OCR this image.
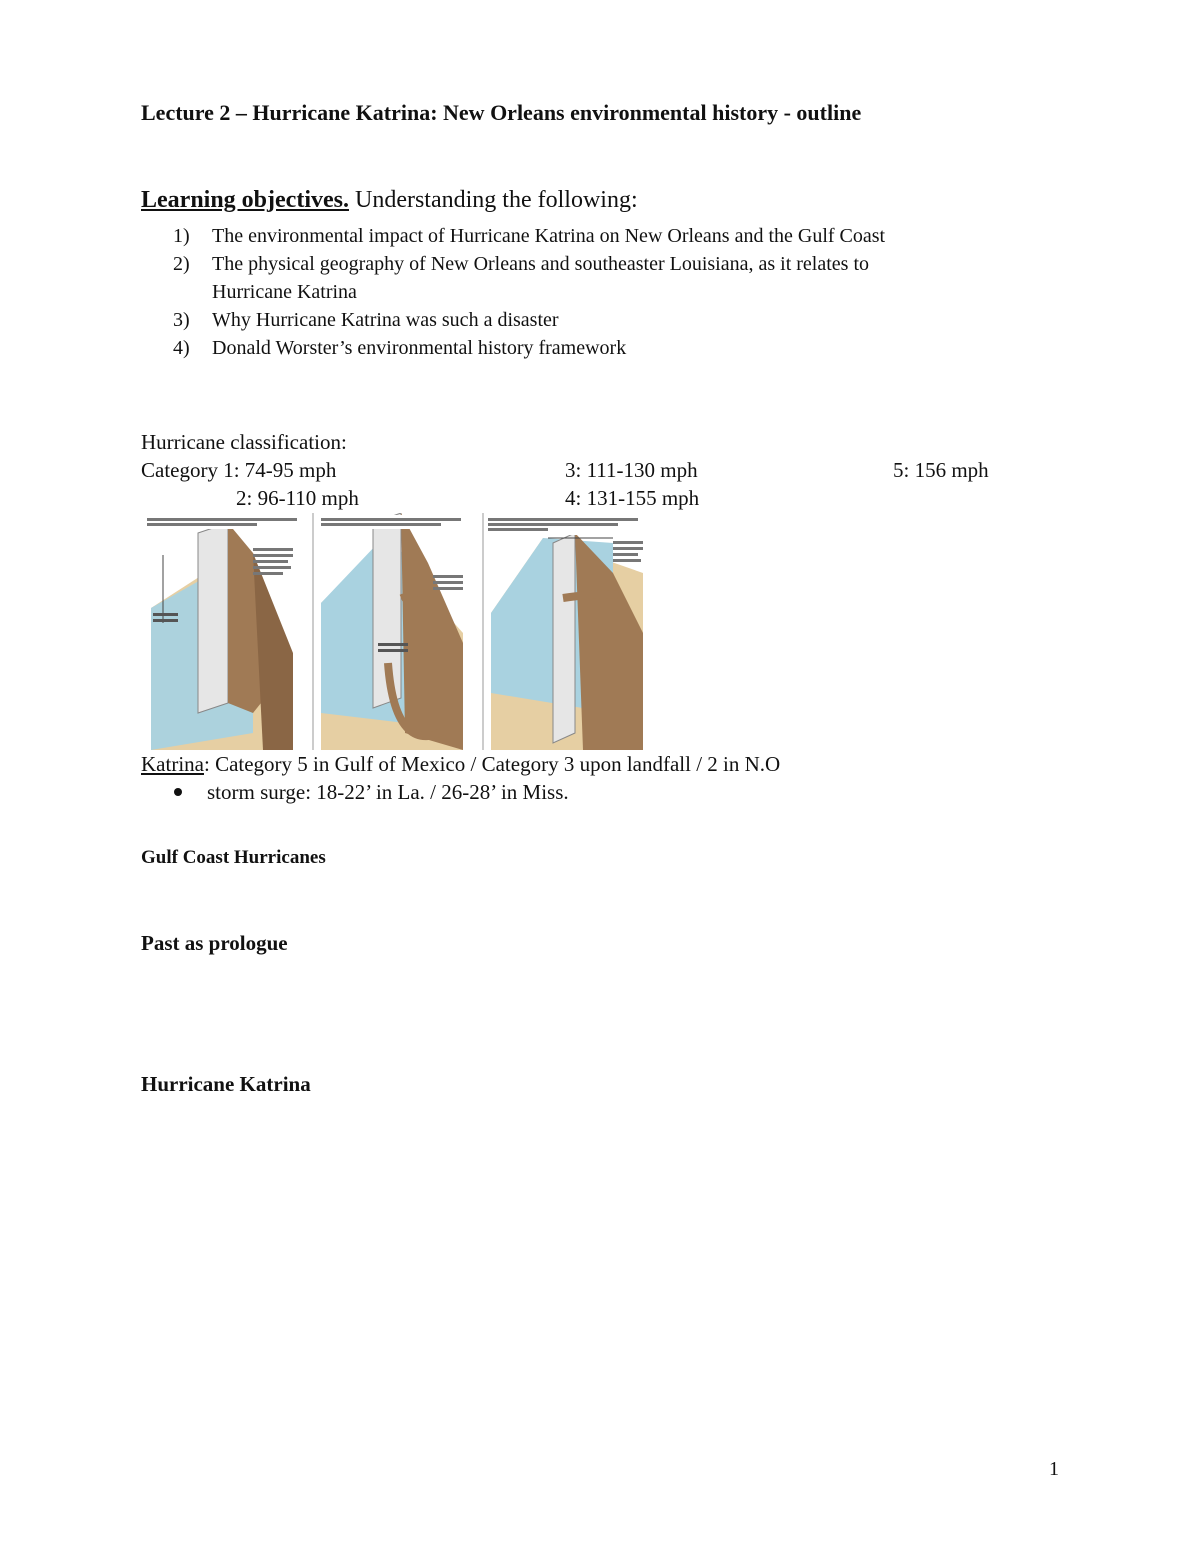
Lecture 2 – Hurricane Katrina: New Orleans environmental history - outline
Learning objectives. Understanding the following:
1) The environmental impact of Hurricane Katrina on New Orleans and the Gulf Coast
2) The physical geography of New Orleans and southeaster Louisiana, as it relates to
Hurricane Katrina
3) Why Hurricane Katrina was such a disaster
4) Donald Worster’s environmental history framework
Hurricane classification:
Category 1: 74-95 mph	3: 111-130 mph	5: 156 mph
2: 96-110 mph	4: 131-155 mph
Katrina: Category 5 in Gulf of Mexico / Category 3 upon landfall / 2 in N.O
storm surge: 18-22’ in La. / 26-28’ in Miss.
Gulf Coast Hurricanes
Past as prologue
Hurricane Katrina
1
